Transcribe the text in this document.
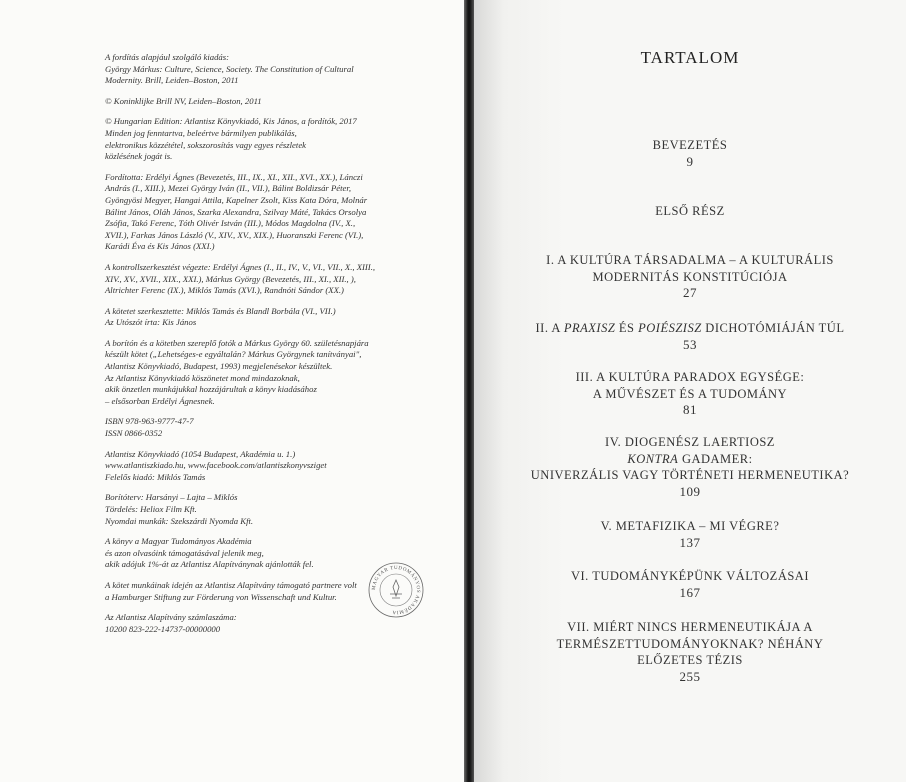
A fordítás alapjául szolgáló kiadás:
György Márkus: Culture, Science, Society. The Constitution of Cultural
Modernity. Brill, Leiden–Boston, 2011

© Koninklijke Brill NV, Leiden–Boston, 2011

© Hungarian Edition: Atlantisz Könyvkiadó, Kis János, a fordítók, 2017
Minden jog fenntartva, beleértve bármilyen publikálás,
elektronikus közzététel, sokszorosítás vagy egyes részletek
közlésének jogát is.

Fordította: Erdélyi Ágnes (Bevezetés, III., IX., XI., XII., XVI., XX.), Lánczi
András (I., XIII.), Mezei György Iván (II., VII.), Bálint Boldizsár Péter,
Gyöngyösi Megyer, Hangai Attila, Kapelner Zsolt, Kiss Kata Dóra, Molnár
Bálint János, Oláh János, Szarka Alexandra, Szilvay Máté, Takács Orsolya
Zsófia, Takó Ferenc, Tóth Olivér István (III.), Módos Magdolna (IV., X.,
XVII.), Farkas János László (V., XIV., XV., XIX.), Huoranszki Ferenc (VI.),
Karádi Éva és Kis János (XXI.)

A kontrollszerkesztést végezte: Erdélyi Ágnes (I., II., IV., V., VI., VII., X., XIII.,
XIV., XV., XVII., XIX., XXI.), Márkus György (Bevezetés, III., XI., XII., ),
Altrichter Ferenc (IX.), Miklós Tamás (XVI.), Randnóti Sándor (XX.)

A kötetet szerkesztette: Miklós Tamás és Blandl Borbála (VI., VII.)
Az Utószót írta: Kis János

A borítón és a kötetben szereplő fotók a Márkus György 60. születésnapjára
készült kötet („Lehetséges-e egyáltalán? Márkus Györgynek tanítványai",
Atlantisz Könyvkiadó, Budapest, 1993) megjelenésekor készültek.
Az Atlantisz Könyvkiadó köszönetet mond mindazoknak,
akik önzetlen munkájukkal hozzájárultak a könyv kiadásához
– elsősorban Erdélyi Ágnesnek.

ISBN 978-963-9777-47-7
ISSN 0866-0352

Atlantisz Könyvkiadó (1054 Budapest, Akadémia u. 1.)
www.atlantiszkiado.hu, www.facebook.com/atlantiszkonyvsziget
Felelős kiadó: Miklós Tamás

Borítóterv: Harsányi – Lajta – Miklós
Tördelés: Heliox Film Kft.
Nyomdai munkák: Szekszárdi Nyomda Kft.

A könyv a Magyar Tudományos Akadémia
és azon olvasóink támogatásával jelenik meg,
akik adójuk 1%-át az Atlantisz Alapítványnak ajánlották fel.

A kötet munkáinak idején az Atlantisz Alapítvány támogató partnere volt
a Hamburger Stiftung zur Förderung von Wissenschaft und Kultur.

Az Atlantisz Alapítvány számlaszáma:
10200 823-222-14737-00000000

MAGYAR TUDOMÁNYOS AKADÉMIA
TARTALOM
BEVEZETÉS
9
ELSŐ RÉSZ
I. A KULTÚRA TÁRSADALMA – A KULTURÁLIS
MODERNITÁS KONSTITÚCIÓJA
27
II. A PRAXISZ ÉS POIÉSZISZ DICHOTÓMIÁJÁN TÚL
53
III. A KULTÚRA PARADOX EGYSÉGE:
A MŰVÉSZET ÉS A TUDOMÁNY
81
IV. DIOGENÉSZ LAERTIOSZ
KONTRA GADAMER:
UNIVERZÁLIS VAGY TÖRTÉNETI HERMENEUTIKA?
109
V. METAFIZIKA – MI VÉGRE?
137
VI. TUDOMÁNYKÉPÜNK VÁLTOZÁSAI
167
VII. MIÉRT NINCS HERMENEUTIKÁJA A
TERMÉSZETTUDOMÁNYOKNAK? NÉHÁNY
ELŐZETES TÉZIS
255
